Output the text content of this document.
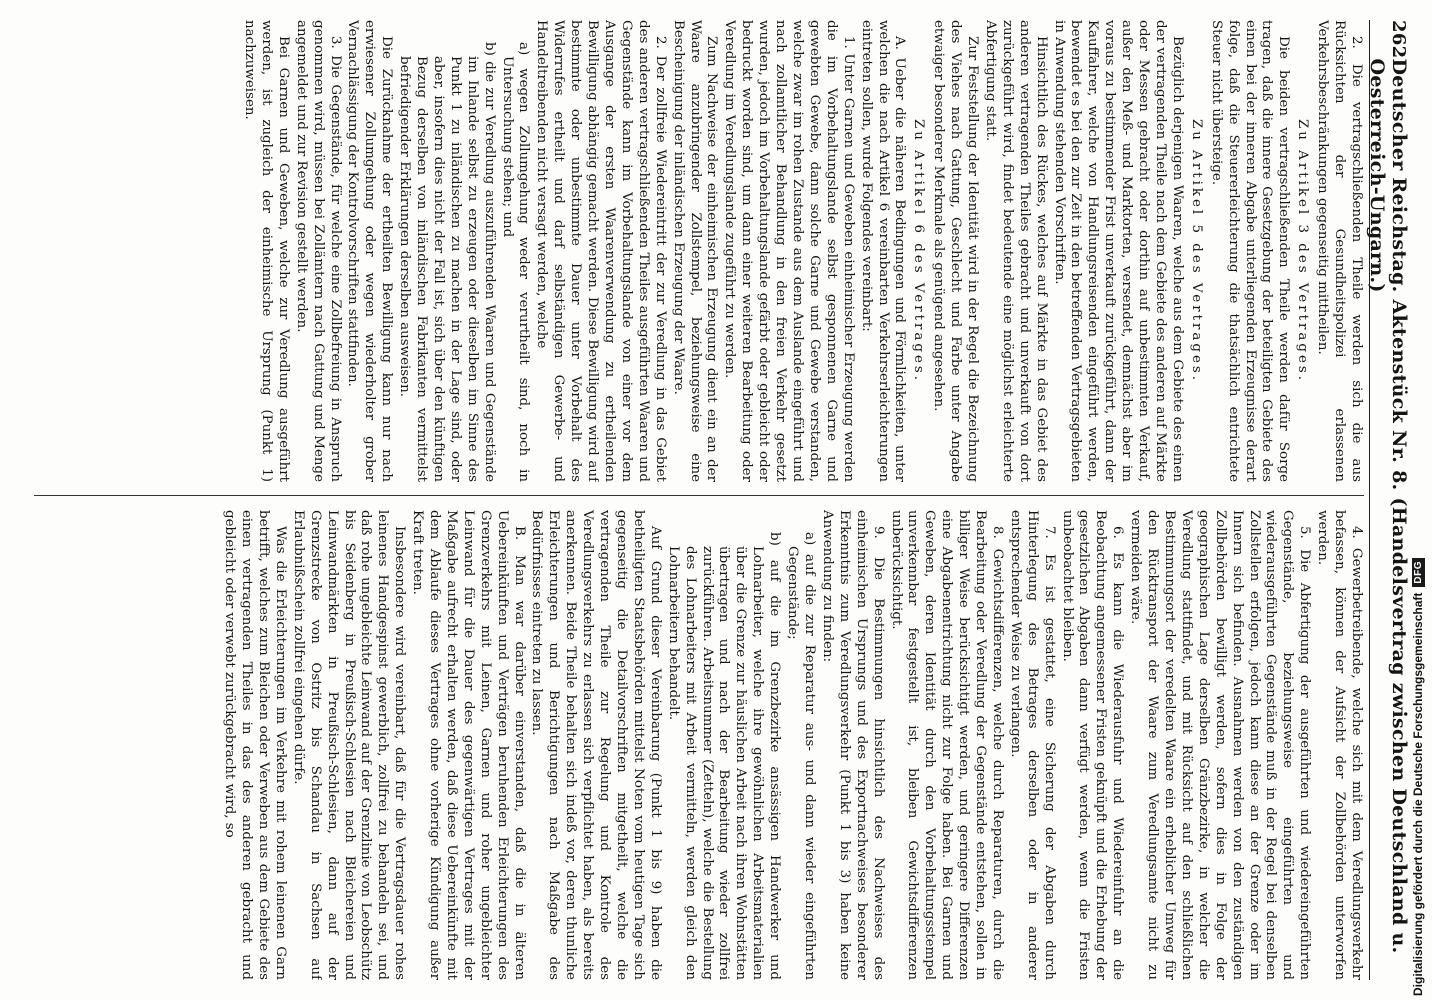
262
Deutscher Reichstag. Aktenstück Nr. 8. (Handelsvertrag zwischen Deutschland u. Oesterreich-Ungarn.)

2. Die vertragschließenden Theile werden sich die aus Rücksichten der Gesundheitspolizei erlassenen Verkehrsbeschränkungen gegenseitig mittheilen.

Zu Artikel 3 des Vertrages.

Die beiden vertragschließenden Theile werden dafür Sorge tragen, daß die innere Gesetzgebung der beteiligten Gebiete des einen bei der inneren Abgabe unterliegenden Erzeugnisse derart folge, daß die Steuererleichterung die thatsächlich entrichtete Steuer nicht übersteige.

Zu Artikel 5 des Vertrages.

Bezüglich derjenigen Waaren, welche aus dem Gebiete des einen der vertragenden Theile nach dem Gebiete des anderen auf Märkte oder Messen gebracht oder dorthin auf unbestimmten Verkauf, außer den Meß- und Marktorten, versendet, demnächst aber im voraus zu bestimmender Frist unverkauft zurückgeführt, dann der Kauffahrer, welche von Handlungsreisenden eingeführt werden, bewendet es bei den zur Zeit in den betreffenden Vertragsgebieten in Anwendung stehenden Vorschriften.

Hinsichtlich des Rückes, welches auf Märkte in das Gebiet des anderen vertragenden Theiles gebracht und unverkauft von dort zurückgeführt wird, findet bedeutende eine möglichst erleichterte Abfertigung statt.

Zur Feststellung der Identität wird in der Regel die Bezeichnung des Viehes nach Gattung, Geschlecht und Farbe unter Angabe etwaiger besonderer Merkmale als genügend angesehen.

Zu Artikel 6 des Vertrages.

A. Ueber die näheren Bedingungen und Förmlichkeiten, unter welchen die nach Artikel 6 vereinbarten Verkehrserleichterungen eintreten sollen, wurde Folgendes vereinbart:

1. Unter Garnen und Geweben einheimischer Erzeugung werden die im Vorbehaltungslande selbst gesponnenen Garne und gewebten Gewebe, dann solche Garne und Gewebe verstanden, welche zwar im rohen Zustande aus dem Auslande eingeführt und nach zollamtlicher Behandlung in den freien Verkehr gesetzt wurden, jedoch im Vorbehaltungslande gefärbt oder gebleicht oder bedruckt worden sind, um dann einer weiteren Bearbeitung oder Veredlung im Veredlungslande zugeführt zu werden.

Zum Nachweise der einheimischen Erzeugung dient ein an der Waare anzubringender Zollstempel, beziehungsweise eine Bescheinigung der inländischen Erzeugung der Waare.

2. Der zollfreie Wiedereintritt der zur Veredlung in das Gebiet des anderen vertragschließenden Theiles ausgeführten Waaren und Gegenstände kann im Vorbehaltungslande von einer vor dem Ausgange der ersten Waarenverwendung zu ertheilenden Bewilligung abhängig gemacht werden. Diese Bewilligung wird auf bestimmte oder unbestimmte Dauer unter Vorbehalt des Widerrufes ertheilt und darf selbständigen Gewerbe- und Handeltreibenden nicht versagt werden, welche

a) wegen Zollumgehung weder verurtheilt sind, noch in Untersuchung stehen; und

b) die zur Veredlung auszuführenden Waaren und Gegenstände im Inlande selbst zu erzeugen oder dieselben im Sinne des Punkt 1 zu inländischen zu machen in der Lage sind, oder aber, insofern dies nicht der Fall ist, sich über den künftigen Bezug derselben von inländischen Fabrikanten vermittelst befriedigender Erklärungen derselben ausweisen.

Die Zurücknahme der ertheilten Bewilligung kann nur nach erwiesener Zollumgehung oder wegen wiederholter grober Vernachlässigung der Kontrolvorschriften stattfinden.

3. Die Gegenstände, für welche eine Zollbefreiung in Anspruch genommen wird, müssen bei Zollämtern nach Gattung und Menge angemeldet und zur Revision gestellt werden.

Bei Garnen und Geweben, welche zur Veredlung ausgeführt werden, ist zugleich der einheimische Ursprung (Punkt 1) nachzuweisen.

4. Gewerbetreibende, welche sich mit dem Veredlungsverkehr befassen, können der Aufsicht der Zollbehörden unterworfen werden.

5. Die Abfertigung der ausgeführten und wiedereingeführten Gegenstände, beziehungsweise eingeführten und wiederausgeführten Gegenstände muß in der Regel bei denselben Zollstellen erfolgen, jedoch kann diese an der Grenze oder im Innern sich befinden. Ausnahmen werden von den zuständigen Zollbehörden bewilligt werden, sofern dies in Folge der geographischen Lage derselben Gränzbezirke, in welcher die Veredlung stattfindet, und mit Rücksicht auf den schließlichen Bestimmungsort der veredelten Waare ein erheblicher Umweg für den Rücktransport der Waare zum Veredlungsamte nicht zu vermeiden wäre.

6. Es kann die Wiederausfuhr und Wiedereinfuhr an die Beobachtung angemessener Fristen geknüpft und die Erhebung der gesetzlichen Abgaben dann verfügt werden, wenn die Fristen unbeobachtet bleiben.

7. Es ist gestattet, eine Sicherung der Abgaben durch Hinterlegung des Betrages derselben oder in anderer entsprechender Weise zu verlangen.

8. Gewichtsdifferenzen, welche durch Reparaturen, durch die Bearbeitung oder Veredlung der Gegenstände entstehen, sollen in billiger Weise berücksichtigt werden, und geringere Differenzen eine Abgabenentrichtung nicht zur Folge haben. Bei Garnen und Geweben, deren Identität durch den Vorbehaltungsstempel unverkennbar festgestellt ist, bleiben Gewichtsdifferenzen unberücksichtigt.

9. Die Bestimmungen hinsichtlich des Nachweises des einheimischen Ursprungs und des Exportnachweises besonderer Erkenntnis zum Veredlungsverkehr (Punkt 1 bis 3) haben keine Anwendung zu finden:

a) auf die zur Reparatur aus- und dann wieder eingeführten Gegenstände;

b) auf die im Grenzbezirke ansässigen Handwerker und Lohnarbeiter, welche ihre gewöhnlichen Arbeitsmaterialien über die Grenze zur häuslichen Arbeit nach ihren Wohnstätten übertragen und nach der Bearbeitung wieder zollfrei zurückführen. Arbeitsnummer (Zetteln), welche die Bestellung des Lohnarbeiters mit Arbeit vermitteln, werden gleich den Lohnarbeitern behandelt.

Auf Grund dieser Vereinbarung (Punkt 1 bis 9) haben die betheiligten Staatsbehörden mittelst Noten vom heutigen Tage sich gegenseitig die Detailvorschriften mitgetheilt, welche die vertragenden Theile zur Regelung und Kontrole des Veredlungsverkehrs zu erlassen sich verpflichtet haben, als bereits anerkennen. Beide Theile behalten sich indeß vor, deren thunliche Erleichterungen und Berichtigungen nach Maßgabe des Bedürfnisses eintreten zu lassen.

B. Man war darüber einverstanden, daß die in älteren Uebereinkünften und Verträgen beruhenden Erleichterungen des Grenzverkehrs mit Leinen, Garnen und roher ungebleichter Leinwand für die Dauer des gegenwärtigen Vertrages mit der Maßgabe aufrecht erhalten werden, daß diese Uebereinkünfte mit dem Ablaufe dieses Vertrages ohne vorherige Kündigung außer Kraft treten.

Insbesondere wird vereinbart, daß für die Vertragsdauer rohes leinenes Handgespinst gewerblich, zollfrei zu behandeln sei, und daß rohe ungebleichte Leinwand auf der Grenzlinie von Leobschütz bis Seidenberg in Preußisch-Schlesien nach Bleichereien und Leinwandmärkten in Preußisch-Schlesien, dann auf der Grenzstrecke von Ostritz bis Schandau in Sachsen auf Erlaubnißschein zollfrei eingehen dürfe.

Was die Erleichterungen im Verkehre mit rohem leinenen Garn betrifft, welches zum Bleichen oder Verweben aus dem Gebiete des einen vertragenden Theiles in das des anderen gebracht und gebleicht oder verwebt zurückgebracht wird, so	Digitalisierung gefördert durch die Deutsche Forschungsgemeinschaft
DFG
